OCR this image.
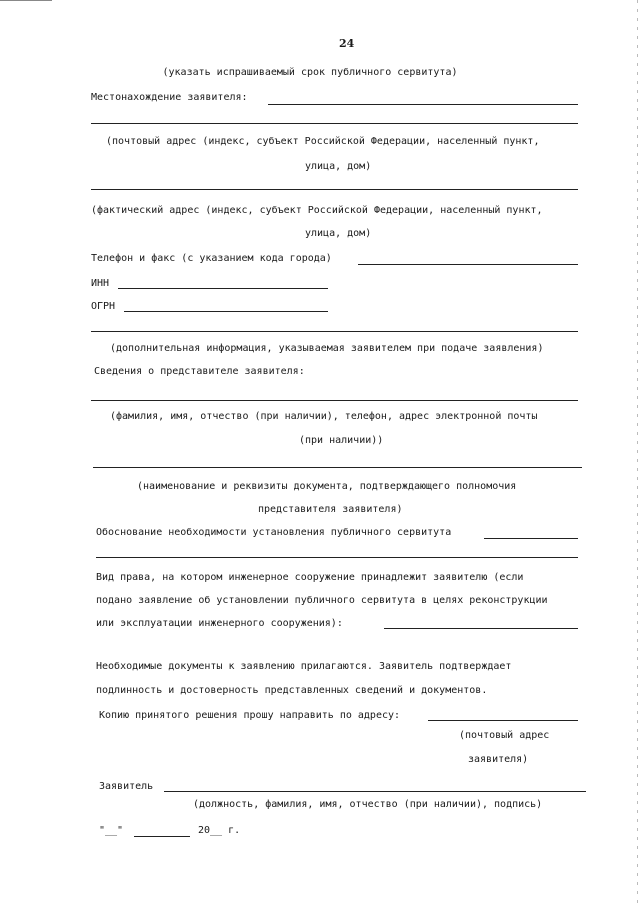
24
(указать испрашиваемый срок публичного сервитута)
Местонахождение заявителя:
(почтовый адрес (индекс, субъект Российской Федерации, населенный пункт,
улица, дом)
(фактический адрес (индекс, субъект Российской Федерации, населенный пункт,
улица, дом)
Телефон и факс (с указанием кода города)
ИНН
ОГРН
(дополнительная информация, указываемая заявителем при подаче заявления)
Сведения о представителе заявителя:
(фамилия, имя, отчество (при наличии), телефон, адрес электронной почты
(при наличии))
(наименование и реквизиты документа, подтверждающего полномочия
представителя заявителя)
Обоснование необходимости установления публичного сервитута
Вид права, на котором инженерное сооружение принадлежит заявителю (если
подано заявление об установлении публичного сервитута в целях реконструкции
или эксплуатации инженерного сооружения):
Необходимые документы к заявлению прилагаются. Заявитель подтверждает
подлинность и достоверность представленных сведений и документов.
Копию принятого решения прошу направить по адресу:
(почтовый адрес
заявителя)
Заявитель
(должность, фамилия, имя, отчество (при наличии), подпись)
"__"	20__ г.
